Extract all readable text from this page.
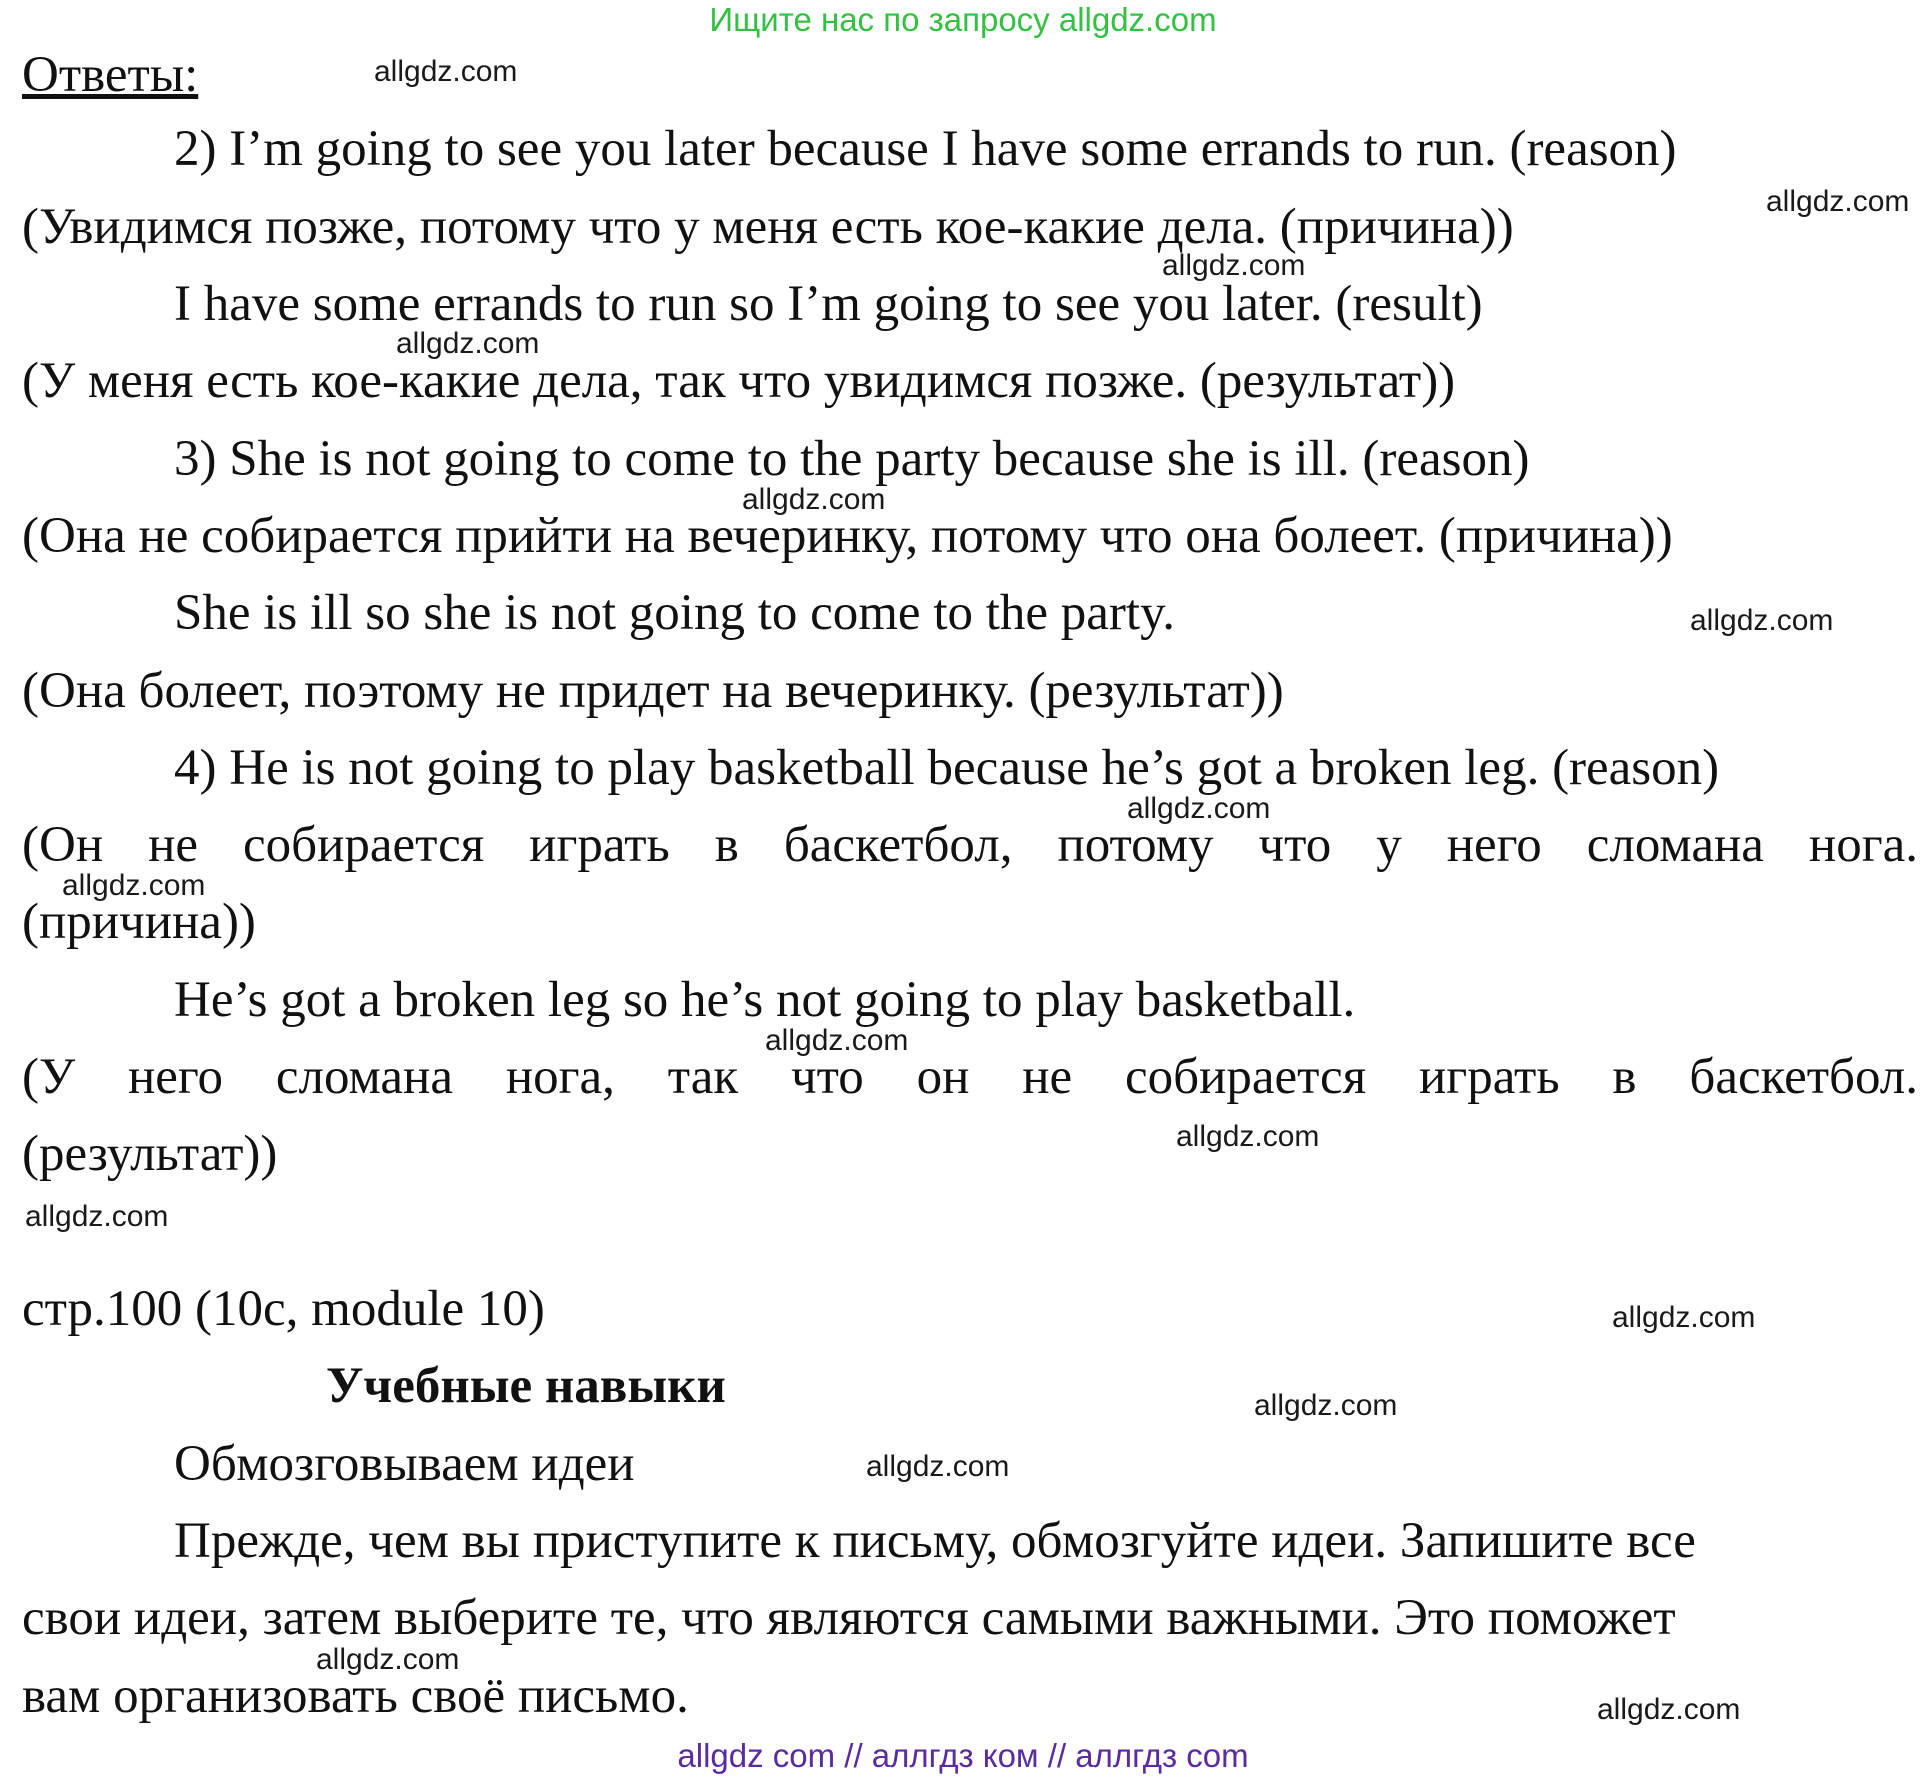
Ищите нас по запросу allgdz.com
Ответы:
2) I’m going to see you later because I have some errands to run. (reason)
(Увидимся позже, потому что у меня есть кое-какие дела. (причина))
I have some errands to run so I’m going to see you later. (result)
(У меня есть кое-какие дела, так что увидимся позже. (результат))
3) She is not going to come to the party because she is ill. (reason)
(Она не собирается прийти на вечеринку, потому что она болеет. (причина))
She is ill so she is not going to come to the party.
(Она болеет, поэтому не придет на вечеринку. (результат))
4) He is not going to play basketball because he’s got a broken leg. (reason)
(Он не собирается играть в баскетбол, потому что у него сломана нога.
(причина))
He’s got a broken leg so he’s not going to play basketball.
(У него сломана нога, так что он не собирается играть в баскетбол.
(результат))
стр.100 (10c, module 10)
Учебные навыки
Обмозговываем идеи
Прежде, чем вы приступите к письму, обмозгуйте идеи. Запишите все
свои идеи, затем выберите те, что являются самыми важными. Это поможет
вам организовать своё письмо.
allgdz.com
allgdz.com
allgdz.com
allgdz.com
allgdz.com
allgdz.com
allgdz.com
allgdz.com
allgdz.com
allgdz.com
allgdz.com
allgdz.com
allgdz.com
allgdz.com
allgdz.com
allgdz.com
allgdz com // аллгдз ком // аллгдз com
